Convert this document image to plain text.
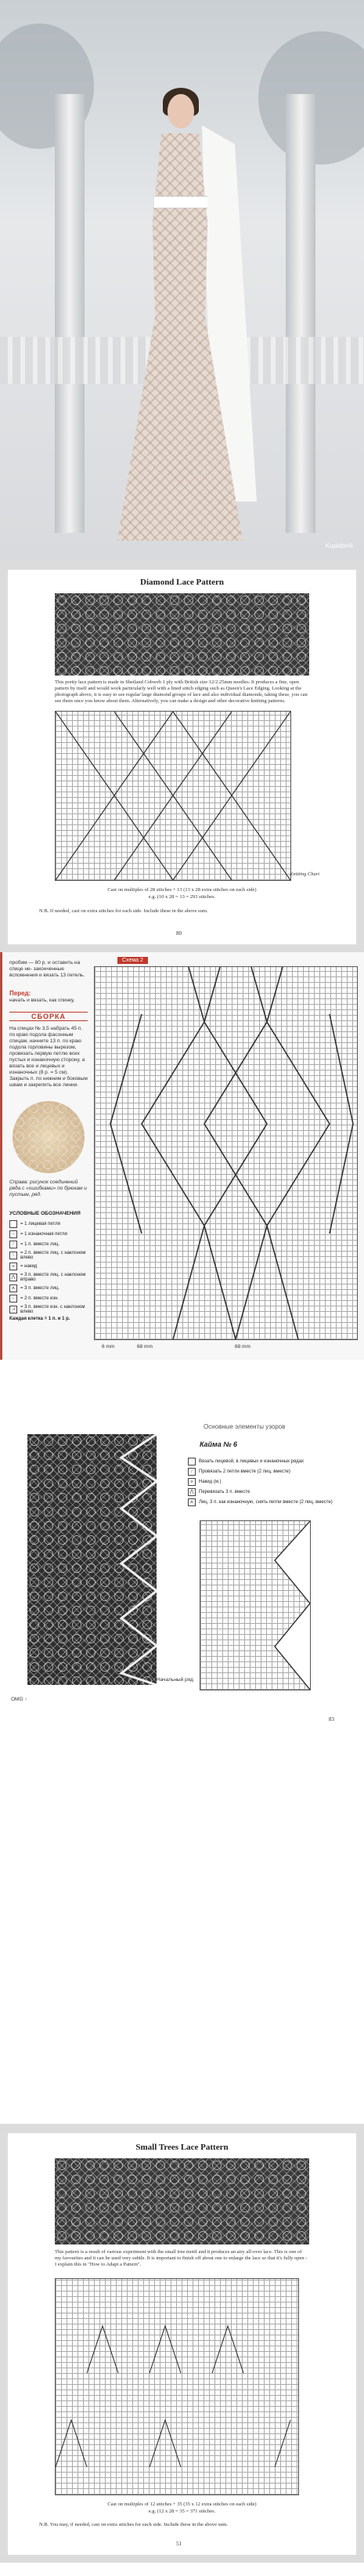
Kupidon®
Diamond Lace Pattern
This pretty lace pattern is made in Shetland Cobweb 1 ply with British size 12/2.25mm needles. It produces a fine, open pattern by itself and would work particularly well with a lined stitch edging such as Queen's Lace Edging. Looking at the photograph above, it is easy to see regular large diamond groups of lace and also individual diamonds, taking these, you can see them once you know about them. Alternatively, you can make a design and other decorative knitting patterns.
Knitting Chart
Cast on multiples of 28 stitches + 13 (13 x 28 extra stitches on each side)
e.g. (10 x 28 = 13 = 293 stitches.
N.B. If needed, cast on extra stitches for each side. Include these in the above sum.
80
пробим — 80 р. и оставить на спице не- законченные вспомнения и вязать 13 петель.
Перед:
начать и вязать, как спинку.
СБОРКА
На спицах № 3,5 набрать 45 п. по краю подола фасонным спицам, начните 13 п. по краю подола горловины вырезом, провязать первую петлю всех пустых и изнаночную сторону, а вязать все и лицевых и изнаночных (8 р. = 5 см). Закрыть п. по нижним и боковым швам и закрепить все линии.
Справа: рисунок соединений ряда с «ошибками» по брюкам и пустым, ряд.
УСЛОВНЫЕ ОБОЗНАЧЕНИЯ
= 1 лицевая петля
–	= 1 изнаночная петля
/	= 1 п. вместе лиц.
\	= 2 п. вместе лиц. с наклоном влево
o	= накид
⋀	= 3 п. вместе лиц. с наклоном вправо
⋏	= 3 п. вместе лиц.
÷	= 2 п. вместе изн.
⩘	= 3 п. вместе изн. с наклоном влево
Каждая клетка = 1 п. и 1 р.
Схема 2
68 mm	68 mm
6 mm
Основные элементы узоров
Кайма № 6
Вязать лицевой, в лицевых и изнаночных рядах
/	Провязать 2 петли вместе (2 лиц. вместе)
o	Накид (м.)
⋀	Перевязать 3 п. вместе
⋏	Лиц. 3 п. как изнаночную, снять петли вместе (2 лиц. вместе)
Начальный ряд
OMG ↑
83
Small Trees Lace Pattern
This pattern is a result of various experiment with the small tree motif and it produces an airy all-over lace. This is one of my favourites and it can be used very subtle. It is important to finish off about one to enlarge the lace so that it's fully open - I explain this in "How to Adapt a Pattern".
Cast on multiples of 12 stitches + 35 (35 x 12 extra stitches on each side)
e.g. (12 x 28 = 35 = 371 stitches.
N.B. You may, if needed, cast on extra stitches for each side. Include these in the above sum.
51
